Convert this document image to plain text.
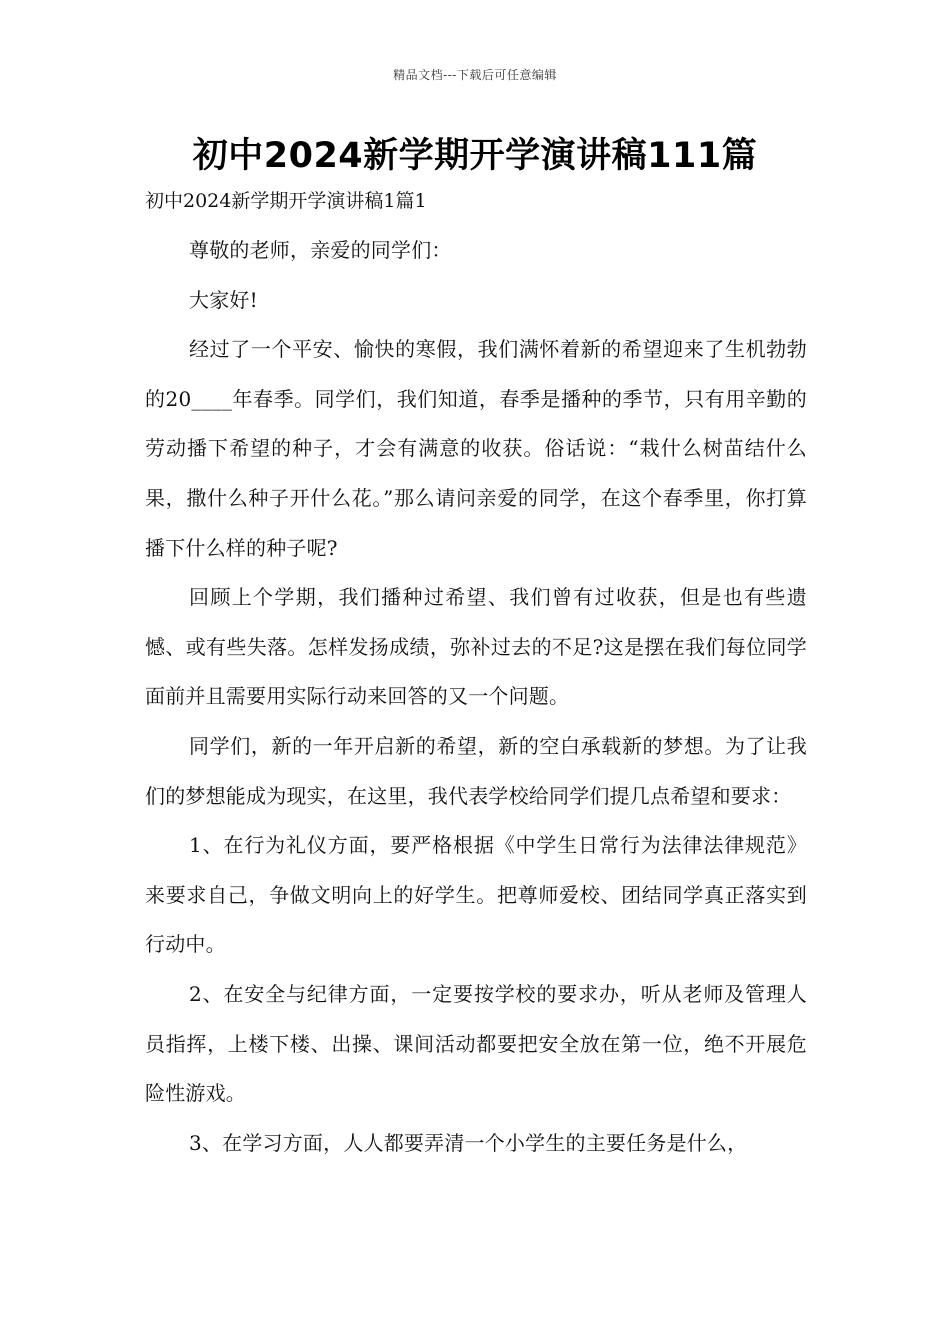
精品文档---下载后可任意编辑
初中2024新学期开学演讲稿111篇

初中2024新学期开学演讲稿1篇1

尊敬的老师，亲爱的同学们：

大家好!

经过了一个平安、愉快的寒假，我们满怀着新的希望迎来了生机勃勃的20____年春季。同学们，我们知道，春季是播种的季节，只有用辛勤的劳动播下希望的种子，才会有满意的收获。俗话说：“栽什么树苗结什么果，撒什么种子开什么花。”那么请问亲爱的同学，在这个春季里，你打算播下什么样的种子呢?

回顾上个学期，我们播种过希望、我们曾有过收获，但是也有些遗憾、或有些失落。怎样发扬成绩，弥补过去的不足?这是摆在我们每位同学面前并且需要用实际行动来回答的又一个问题。

同学们，新的一年开启新的希望，新的空白承载新的梦想。为了让我们的梦想能成为现实，在这里，我代表学校给同学们提几点希望和要求：

1、在行为礼仪方面，要严格根据《中学生日常行为法律法律规范》来要求自己，争做文明向上的好学生。把尊师爱校、团结同学真正落实到行动中。

2、在安全与纪律方面，一定要按学校的要求办，听从老师及管理人员指挥，上楼下楼、出操、课间活动都要把安全放在第一位，绝不开展危险性游戏。

3、在学习方面，人人都要弄清一个小学生的主要任务是什么，
